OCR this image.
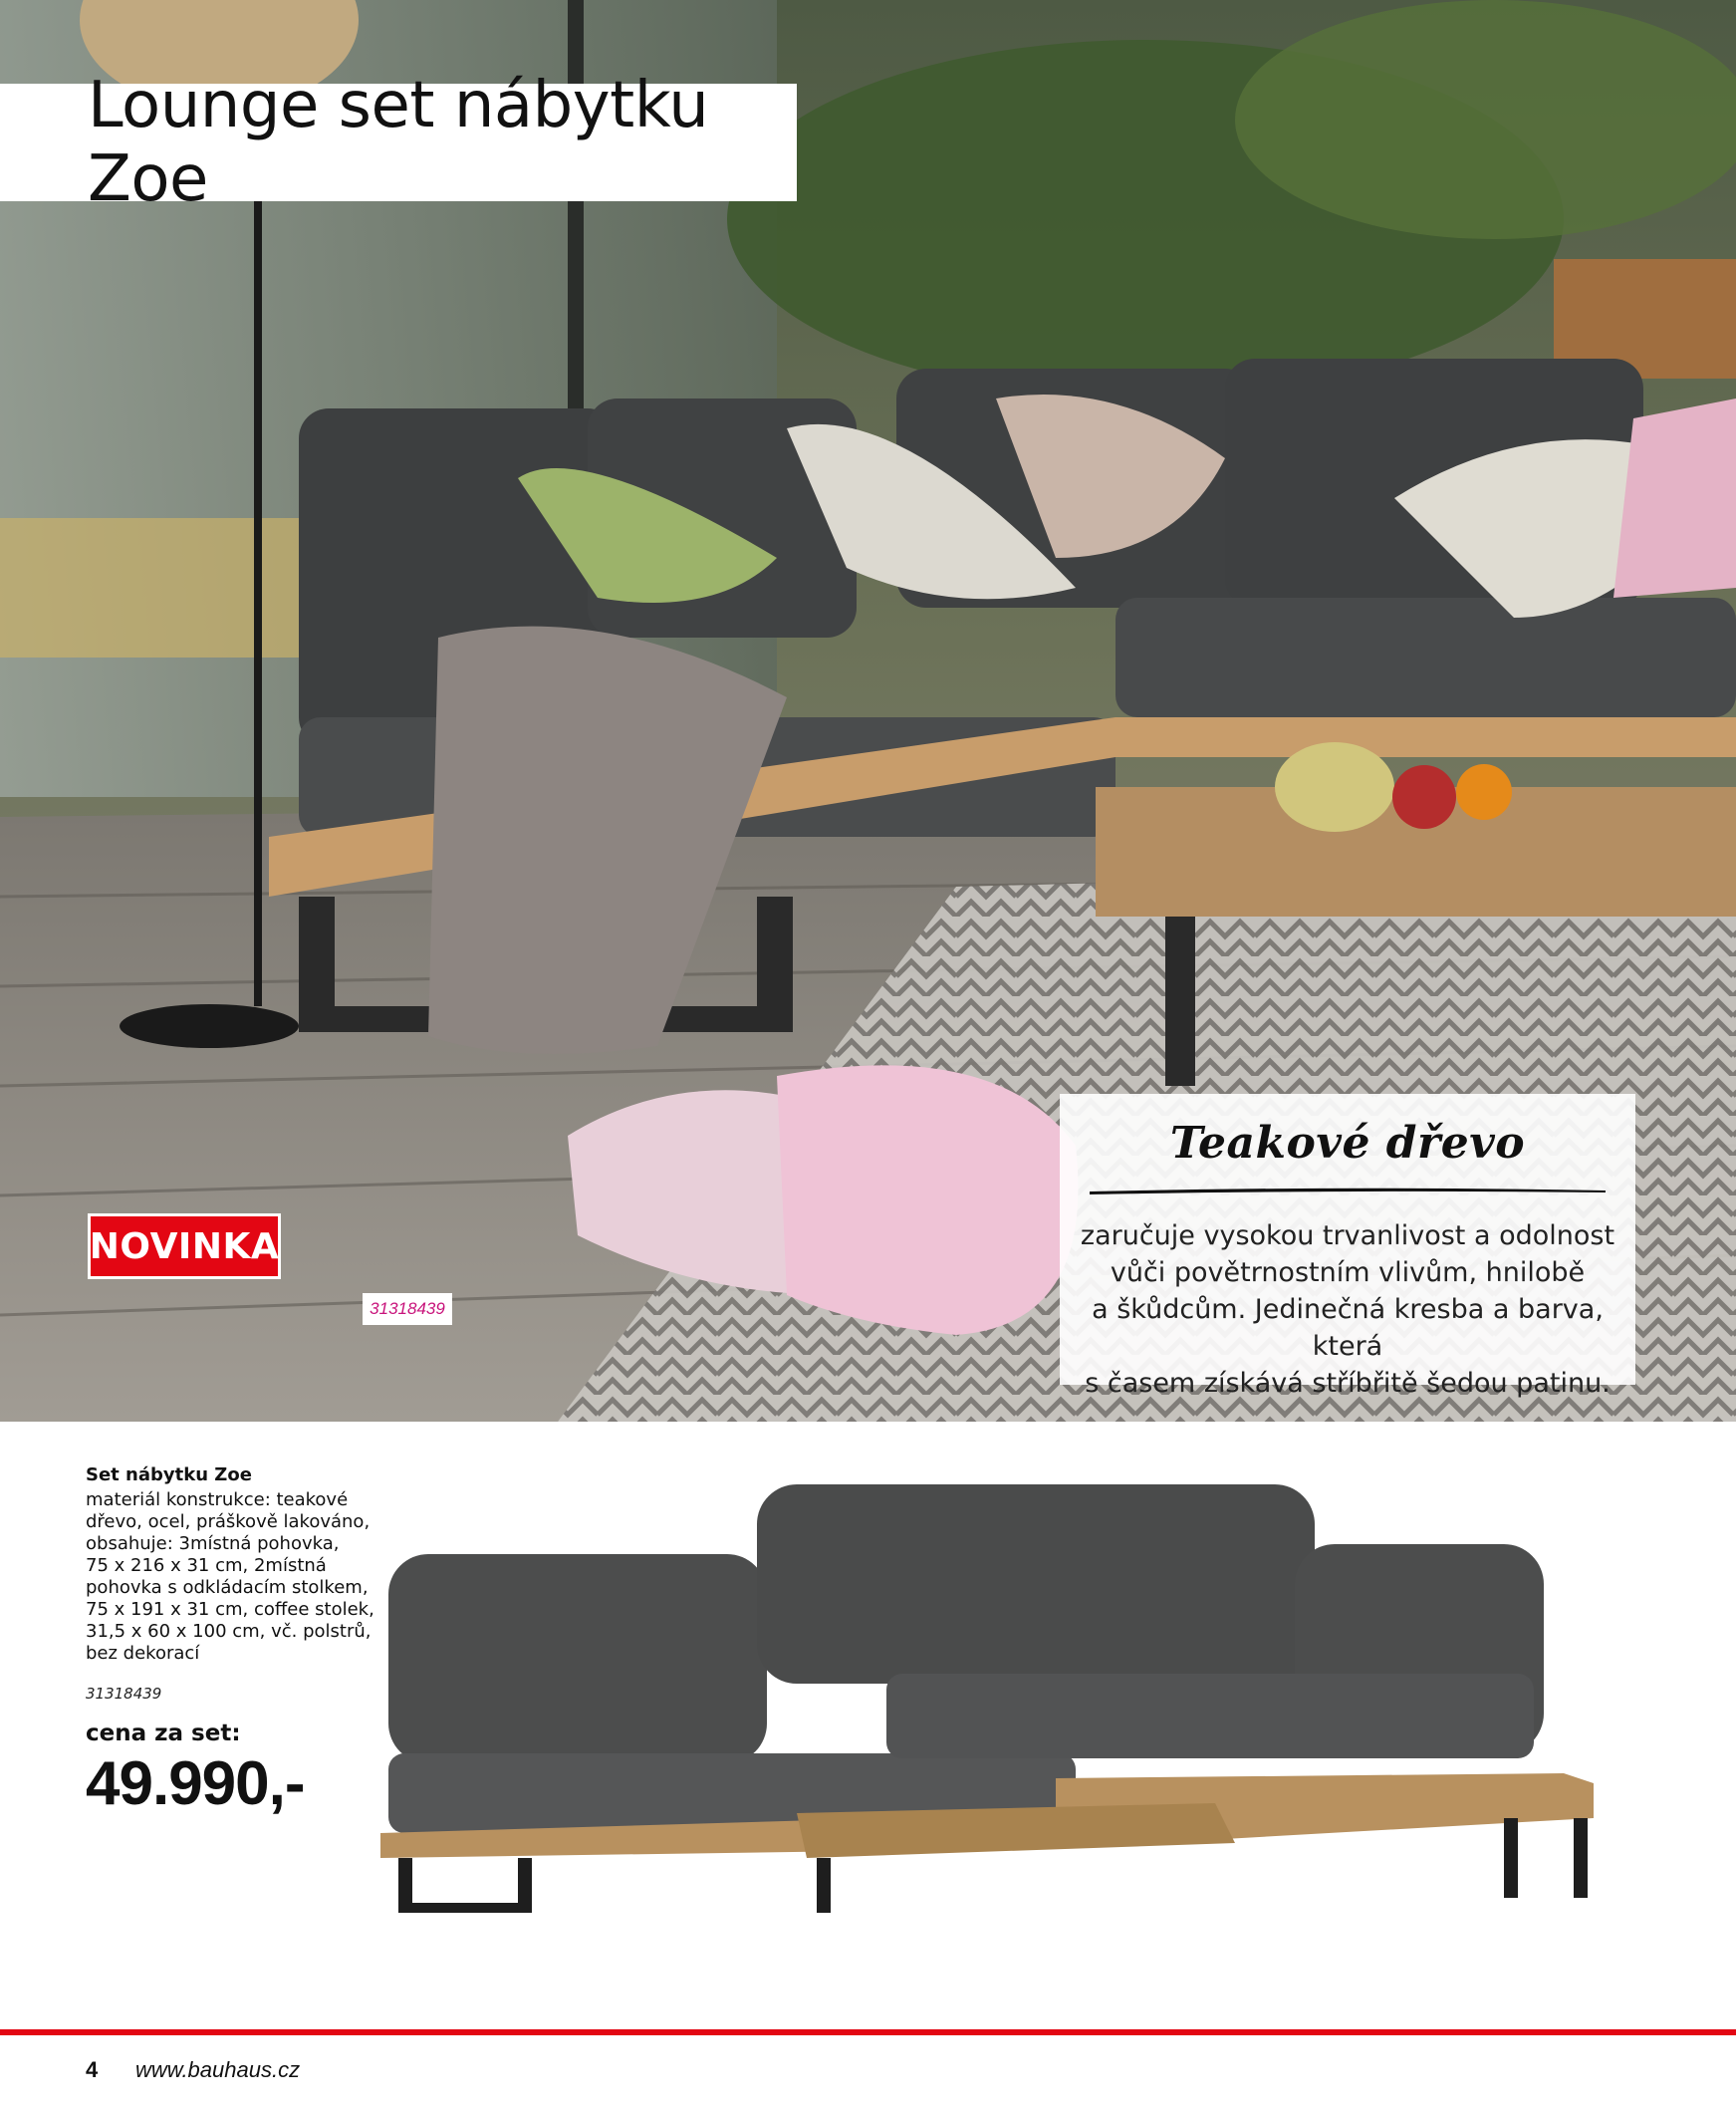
Lounge set nábytku Zoe
NOVINKA
31318439
Teakové dřevo
zaručuje vysokou trvanlivost a odolnost
vůči povětrnostním vlivům, hnilobě
a škůdcům. Jedinečná kresba a barva, která
s časem získává stříbřitě šedou patinu.
Set nábytku Zoe
materiál konstrukce: teakové
dřevo, ocel, práškově lakováno,
obsahuje: 3místná pohovka,
75 x 216 x 31 cm, 2místná
pohovka s odkládacím stolkem,
75 x 191 x 31 cm, coffee stolek,
31,5 x 60 x 100 cm, vč. polstrů,
bez dekorací
31318439
cena za set:
49.990,-
4 www.bauhaus.cz
